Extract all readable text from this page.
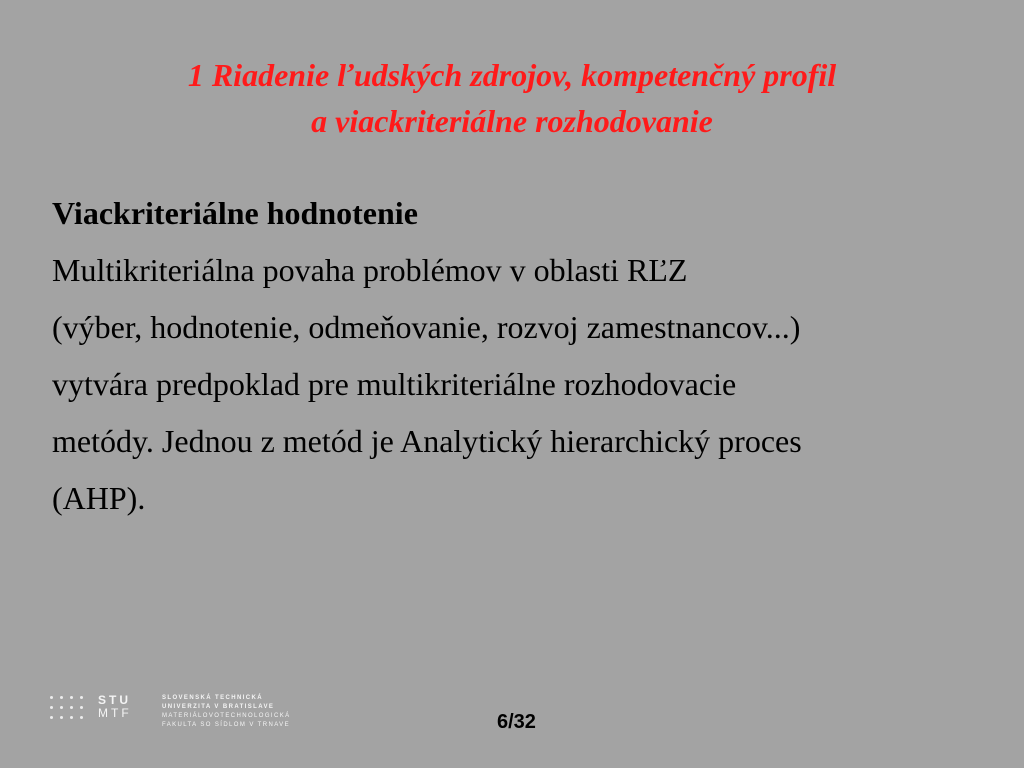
1 Riadenie ľudských zdrojov, kompetenčný profil
a viackriteriálne rozhodovanie
Viackriteriálne hodnotenie
Multikriteriálna povaha problémov v oblasti RĽZ
(výber, hodnotenie, odmeňovanie, rozvoj zamestnancov...)
vytvára predpoklad pre multikriteriálne rozhodovacie
metódy. Jednou z metód je Analytický hierarchický proces
(AHP).
STU
MTF
SLOVENSKÁ TECHNICKÁ
UNIVERZITA V BRATISLAVE
MATERIÁLOVOTECHNOLOGICKÁ
FAKULTA SO SÍDLOM V TRNAVE	6/32
